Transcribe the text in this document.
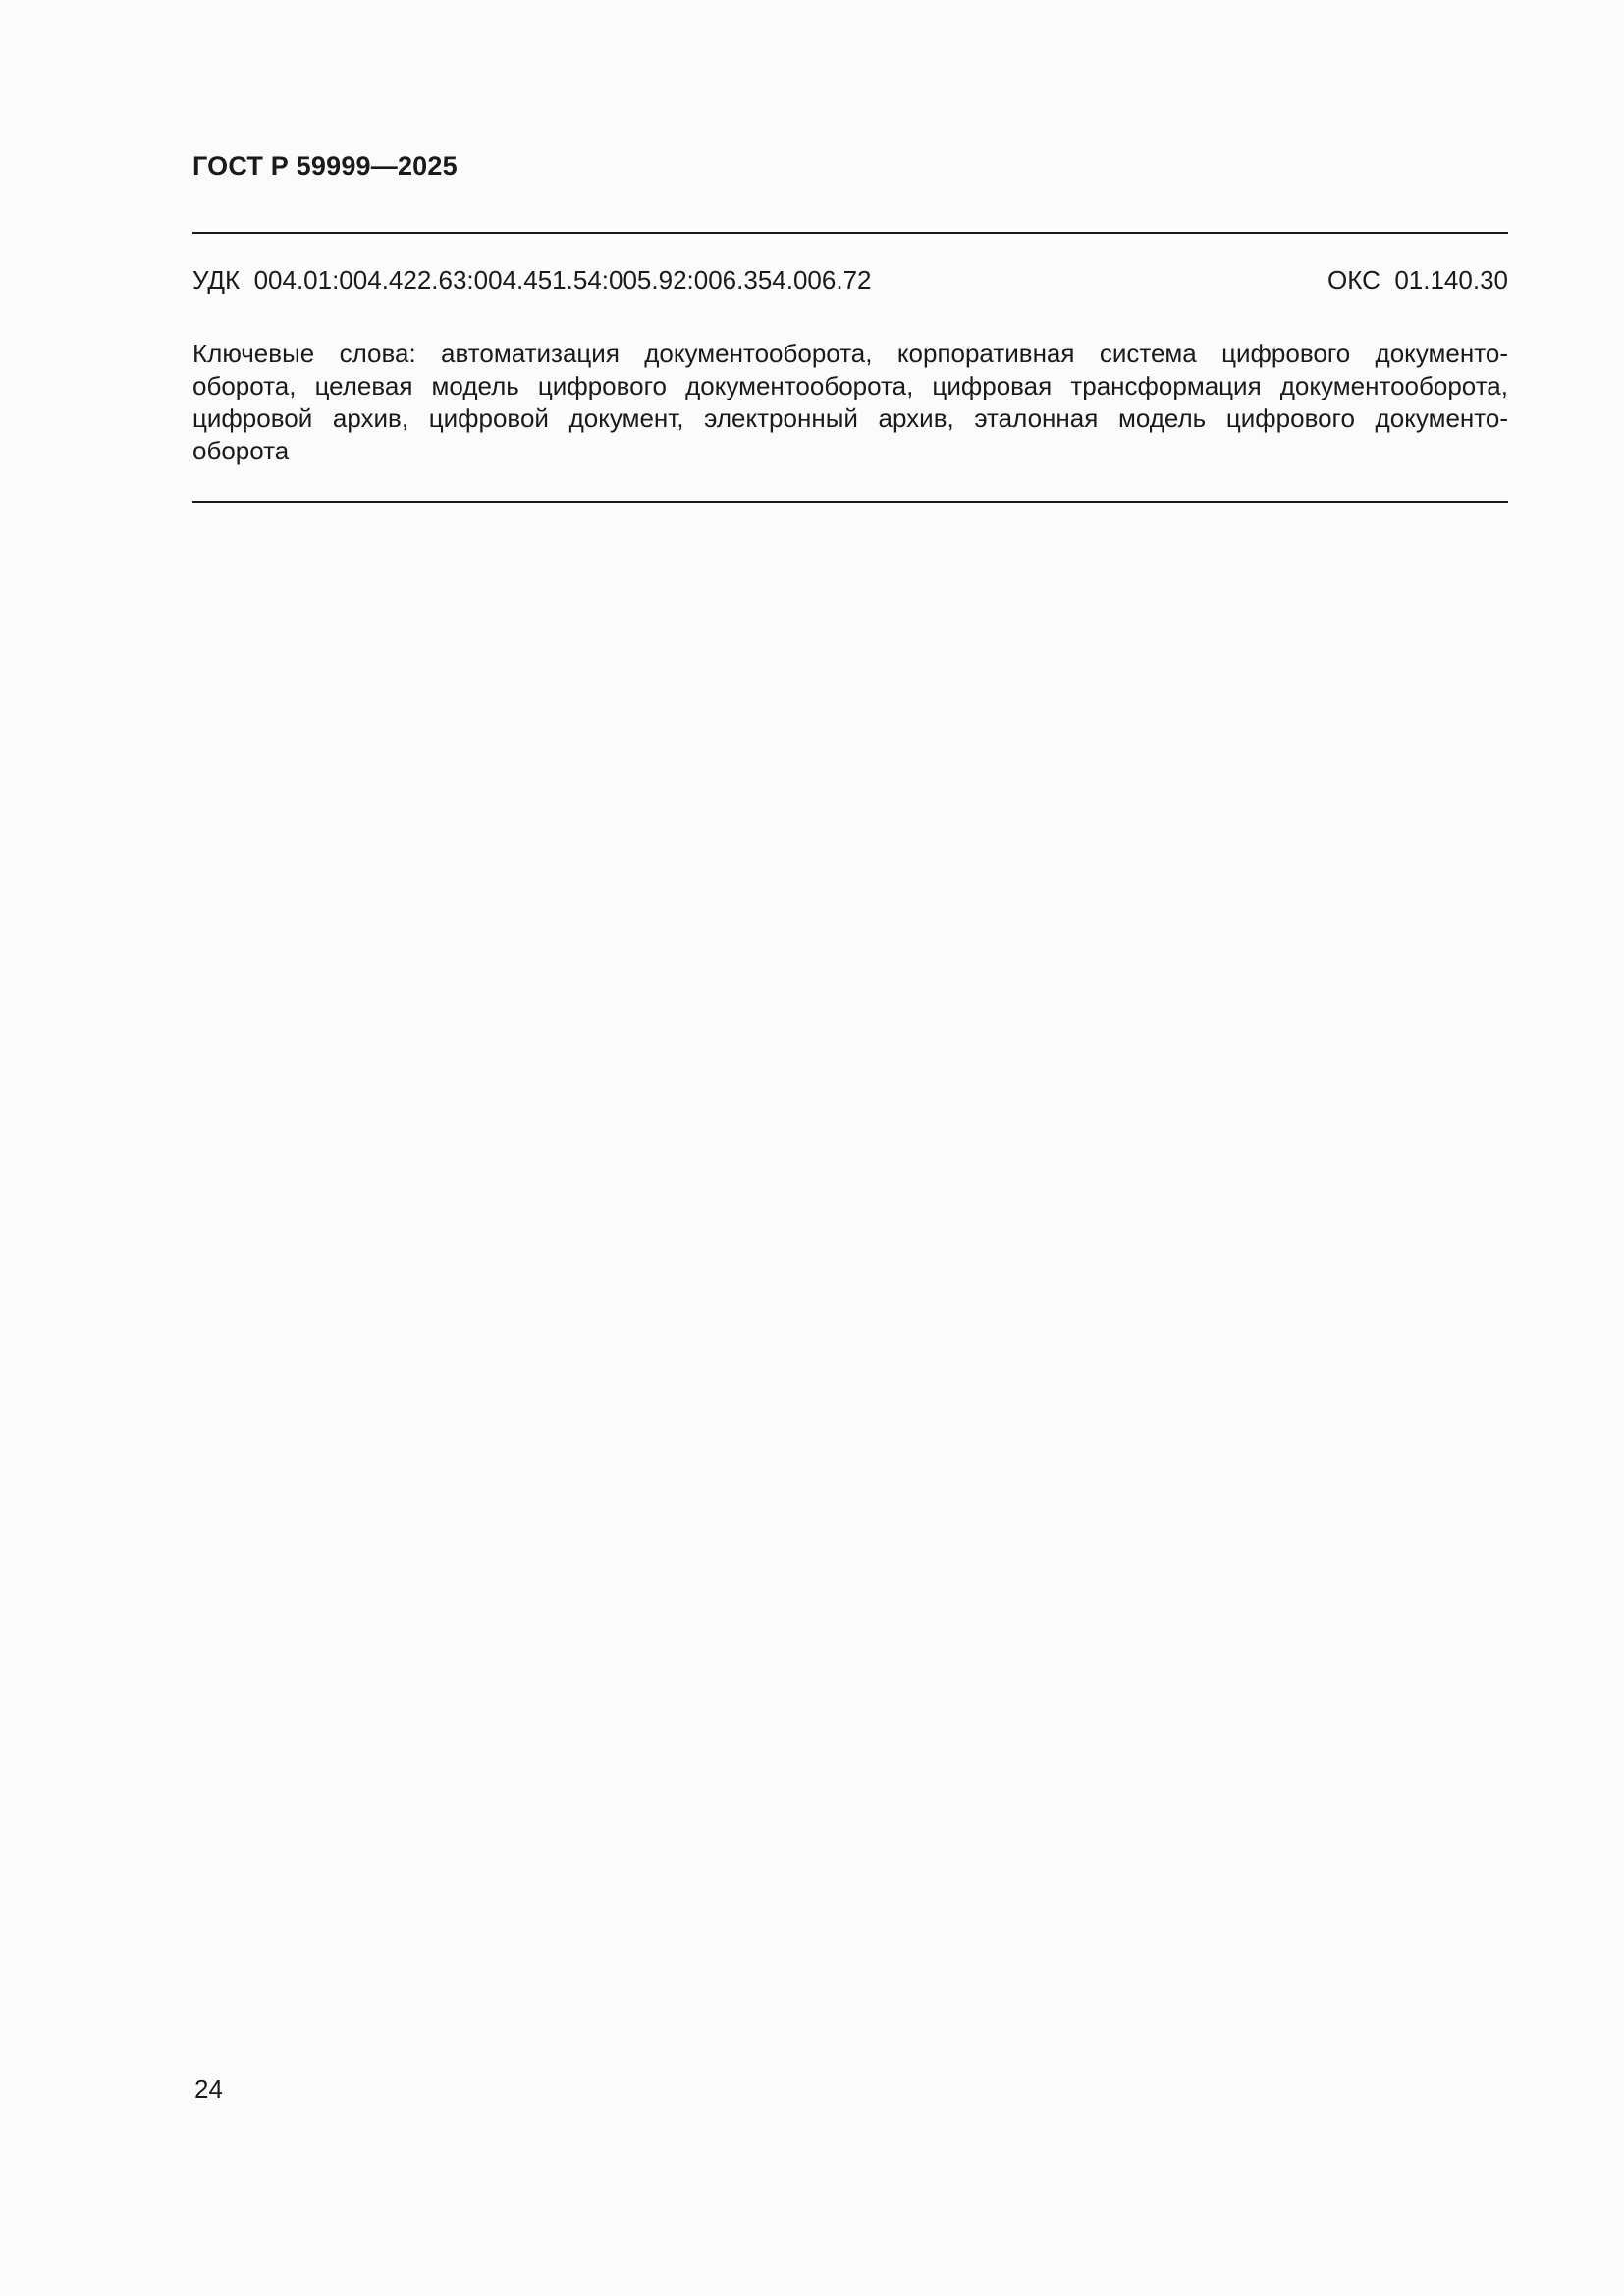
ГОСТ Р 59999—2025
УДК 004.01:004.422.63:004.451.54:005.92:006.354.006.72	ОКС 01.140.30
Ключевые слова: автоматизация документооборота, корпоративная система цифрового документо-
оборота, целевая модель цифрового документооборота, цифровая трансформация документооборота,
цифровой архив, цифровой документ, электронный архив, эталонная модель цифрового документо-
оборота
24
